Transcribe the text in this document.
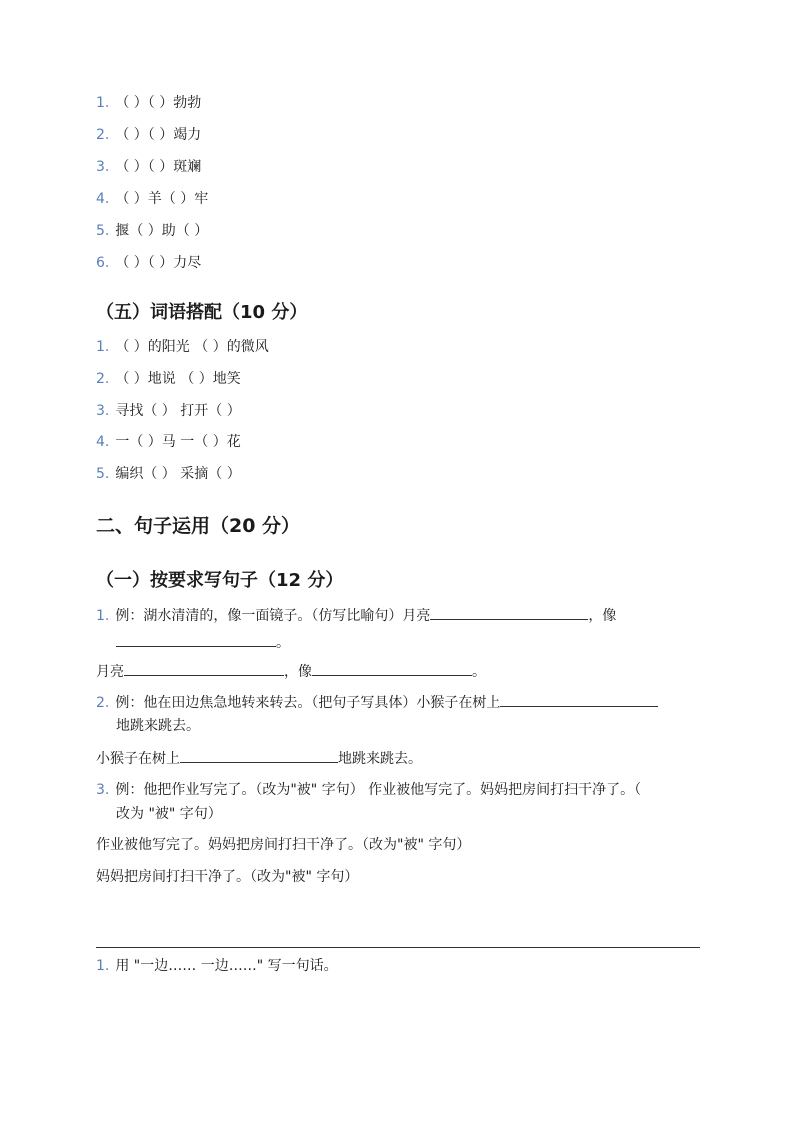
1. （ ）（ ）勃勃
2. （ ）（ ）竭力
3. （ ）（ ）斑斓
4. （ ）羊（ ）牢
5. 揠（ ）助（ ）
6. （ ）（ ）力尽
（五）词语搭配（10 分）
1. （ ）的阳光 （ ）的微风
2. （ ）地说 （ ）地笑
3. 寻找（ ） 打开（ ）
4. 一（ ）马 一（ ）花
5. 编织（ ） 采摘（ ）
二、句子运用（20 分）
（一）按要求写句子（12 分）
1. 例：湖水清清的，像一面镜子。（仿写比喻句）月亮	，像
。
月亮	，像	。
2. 例：他在田边焦急地转来转去。（把句子写具体）小猴子在树上
地跳来跳去。
小猴子在树上	地跳来跳去。
3. 例：他把作业写完了。（改为"被" 字句） 作业被他写完了。妈妈把房间打扫干净了。（
改为 "被" 字句）
作业被他写完了。妈妈把房间打扫干净了。（改为"被" 字句）
妈妈把房间打扫干净了。（改为"被" 字句）
1. 用 "一边…… 一边……" 写一句话。
